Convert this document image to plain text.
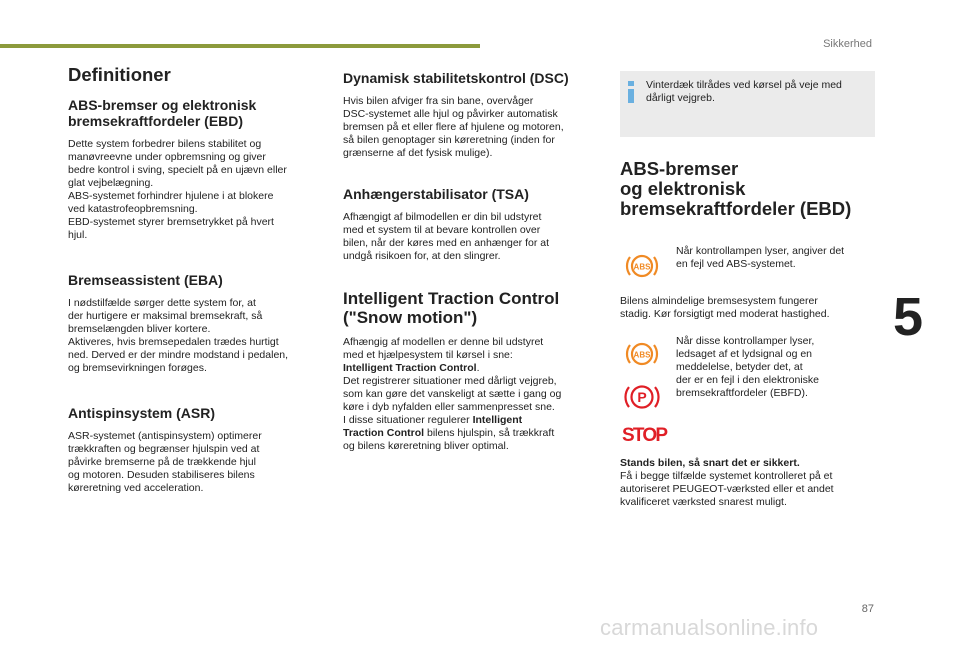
Sikkerhed
5
87
carmanualsonline.info
Definitioner
ABS-bremser og elektronisk bremsekraftfordeler (EBD)

Dette system forbedrer bilens stabilitet og
manøvreevne under opbremsning og giver
bedre kontrol i sving, specielt på en ujævn eller
glat vejbelægning.
ABS-systemet forhindrer hjulene i at blokere
ved katastrofeopbremsning.
EBD-systemet styrer bremsetrykket på hvert
hjul.

Bremseassistent (EBA)

I nødstilfælde sørger dette system for, at
der hurtigere er maksimal bremsekraft, så
bremselængden bliver kortere.
Aktiveres, hvis bremsepedalen trædes hurtigt
ned. Derved er der mindre modstand i pedalen,
og bremsevirkningen forøges.

Antispinsystem (ASR)

ASR-systemet (antispinsystem) optimerer
trækkraften og begrænser hjulspin ved at
påvirke bremserne på de trækkende hjul
og motoren. Desuden stabiliseres bilens
køreretning ved acceleration.

Dynamisk stabilitetskontrol (DSC)

Hvis bilen afviger fra sin bane, overvåger
DSC-systemet alle hjul og påvirker automatisk
bremsen på et eller flere af hjulene og motoren,
så bilen genoptager sin køreretning (inden for
grænserne af det fysisk mulige).

Anhængerstabilisator (TSA)

Afhængigt af bilmodellen er din bil udstyret
med et system til at bevare kontrollen over
bilen, når der køres med en anhænger for at
undgå risikoen for, at den slingrer.

Intelligent Traction Control ("Snow motion")

Afhængig af modellen er denne bil udstyret
med et hjælpesystem til kørsel i sne:
Intelligent Traction Control.
Det registrerer situationer med dårligt vejgreb,
som kan gøre det vanskeligt at sætte i gang og
køre i dyb nyfalden eller sammenpresset sne.
I disse situationer regulerer Intelligent
Traction Control bilens hjulspin, så trækkraft
og bilens køreretning bliver optimal.

Vinterdæk tilrådes ved kørsel på veje med
dårligt vejgreb.

ABS-bremser
og elektronisk
bremsekraftfordeler (EBD)
ABS

Når kontrollampen lyser, angiver det
en fejl ved ABS-systemet.

Bilens almindelige bremsesystem fungerer
stadig. Kør forsigtigt med moderat hastighed.

ABS
P

Når disse kontrollamper lyser,
ledsaget af et lydsignal og en
meddelelse, betyder det, at
der er en fejl i den elektroniske
bremsekraftfordeler (EBFD).

STOP

Stands bilen, så snart det er sikkert.
Få i begge tilfælde systemet kontrolleret på et
autoriseret PEUGEOT-værksted eller et andet
kvalificeret værksted snarest muligt.
